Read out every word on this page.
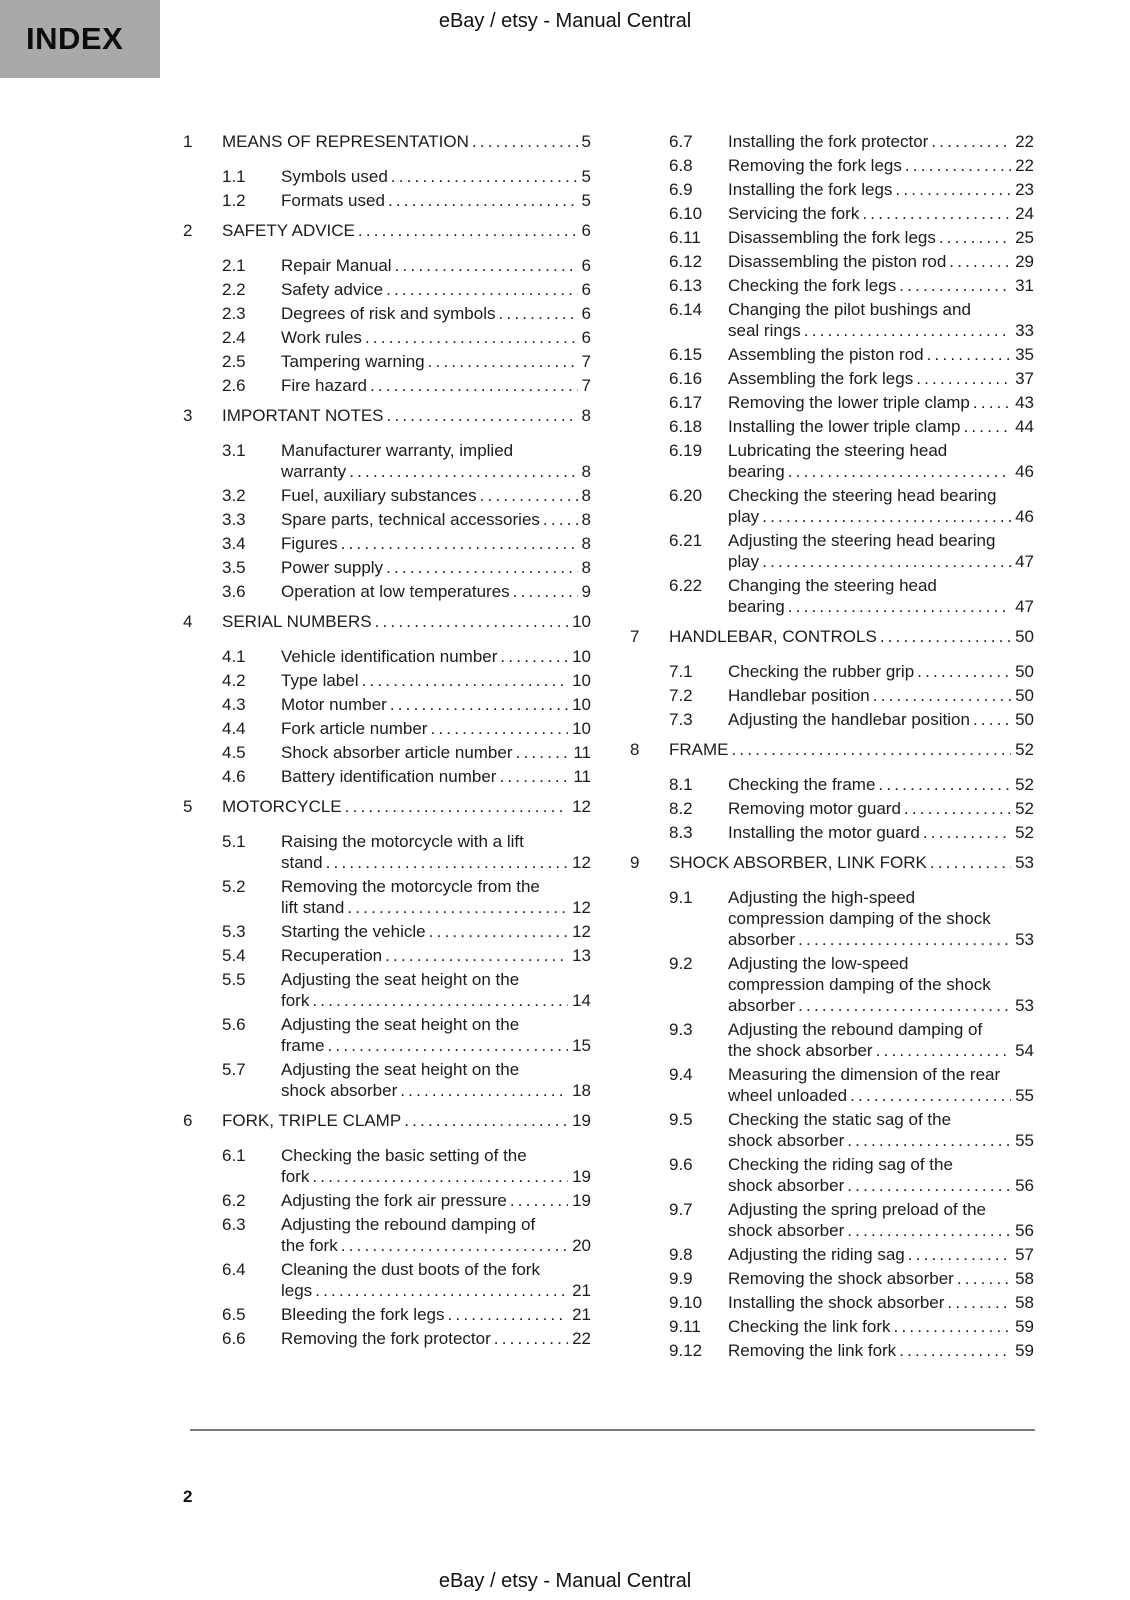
INDEX	eBay / etsy - Manual Central
1	MEANS OF REPRESENTATION .....	5
1.1	Symbols used .....	5
1.2	Formats used .....	5
2	SAFETY ADVICE .....	6
2.1	Repair Manual .....	6
2.2	Safety advice .....	6
2.3	Degrees of risk and symbols .....	6
2.4	Work rules .....	6
2.5	Tampering warning .....	7
2.6	Fire hazard .....	7
3	IMPORTANT NOTES .....	8
3.1	Manufacturer warranty, implied
warranty .....	8
3.2	Fuel, auxiliary substances .....	8
3.3	Spare parts, technical accessories ..... 8
3.4	Figures .....	8
3.5	Power supply .....	8
3.6	Operation at low temperatures .....	9
4	SERIAL NUMBERS .....	10
4.1	Vehicle identification number .....	10
4.2	Type label .....	10
4.3	Motor number .....	10
4.4	Fork article number .....	10
4.5	Shock absorber article number .....	11
4.6	Battery identification number .....	11
5	MOTORCYCLE .....	12
5.1	Raising the motorcycle with a lift
stand .....	12
5.2	Removing the motorcycle from the
lift stand .....	12
5.3	Starting the vehicle .....	12
5.4	Recuperation .....	13
5.5	Adjusting the seat height on the
fork .....	14
5.6	Adjusting the seat height on the
frame .....	15
5.7	Adjusting the seat height on the
shock absorber .....	18
6	FORK, TRIPLE CLAMP .....	19
6.1	Checking the basic setting of the
fork .....	19
6.2	Adjusting the fork air pressure .....	19
6.3	Adjusting the rebound damping of
the fork .....	20
6.4	Cleaning the dust boots of the fork
legs .....	21
6.5	Bleeding the fork legs .....	21
6.6	Removing the fork protector .....	22
6.7	Installing the fork protector .....	22
6.8	Removing the fork legs .....	22
6.9	Installing the fork legs .....	23
6.10	Servicing the fork .....	24
6.11	Disassembling the fork legs .....	25
6.12	Disassembling the piston rod .....	29
6.13	Checking the fork legs .....	31
6.14	Changing the pilot bushings and
seal rings .....	33
6.15	Assembling the piston rod .....	35
6.16	Assembling the fork legs .....	37
6.17	Removing the lower triple clamp .....	43
6.18	Installing the lower triple clamp .....	44
6.19	Lubricating the steering head
bearing .....	46
6.20	Checking the steering head bearing
play .....	46
6.21	Adjusting the steering head bearing
play .....	47
6.22	Changing the steering head
bearing .....	47
7	HANDLEBAR, CONTROLS .....	50
7.1	Checking the rubber grip .....	50
7.2	Handlebar position .....	50
7.3	Adjusting the handlebar position .....	50
8	FRAME .....	52
8.1	Checking the frame .....	52
8.2	Removing motor guard .....	52
8.3	Installing the motor guard .....	52
9	SHOCK ABSORBER, LINK FORK .....	53
9.1	Adjusting the high-speed
compression damping of the shock
absorber .....	53
9.2	Adjusting the low-speed
compression damping of the shock
absorber .....	53
9.3	Adjusting the rebound damping of
the shock absorber .....	54
9.4	Measuring the dimension of the rear
wheel unloaded .....	55
9.5	Checking the static sag of the
shock absorber .....	55
9.6	Checking the riding sag of the
shock absorber .....	56
9.7	Adjusting the spring preload of the
shock absorber .....	56
9.8	Adjusting the riding sag .....	57
9.9	Removing the shock absorber .....	58
9.10	Installing the shock absorber .....	58
9.11	Checking the link fork .....	59
9.12	Removing the link fork .....	59
2
eBay / etsy - Manual Central
